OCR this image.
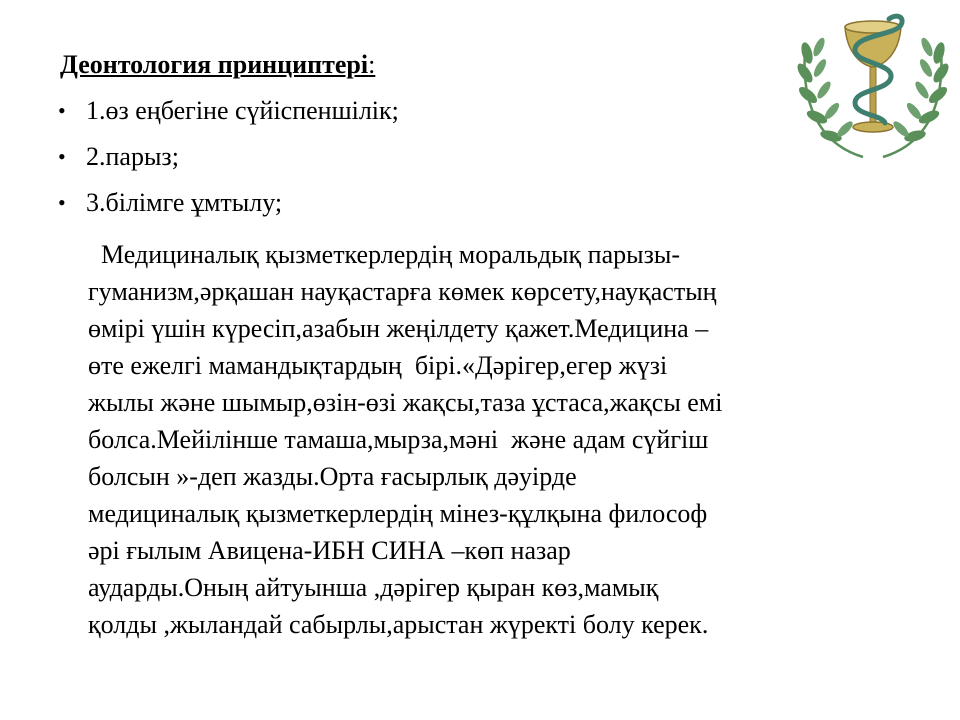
Деонтология принциптері:
• 1.өз еңбегіне сүйіспеншілік;
• 2.парыз;
• 3.білімге ұмтылу;
Медициналық қызметкерлердің моральдық парызы-
гуманизм,әрқашан науқастарға көмек көрсету,науқастың
өмірі үшін күресіп,азабын жеңілдету қажет.Медицина –
өте ежелгі мамандықтардың  бірі.«Дәрігер,егер жүзі
жылы және шымыр,өзін-өзі жақсы,таза ұстаса,жақсы емі
болса.Мейілінше тамаша,мырза,мәні  және адам сүйгіш
болсын »-деп жазды.Орта ғасырлық дәуірде
медициналық қызметкерлердің мінез-құлқына философ
әрі ғылым Авицена-ИБН СИНА –көп назар
аударды.Оның айтуынша ,дәрігер қыран көз,мамық
қолды ,жыландай сабырлы,арыстан жүректі болу керек.
